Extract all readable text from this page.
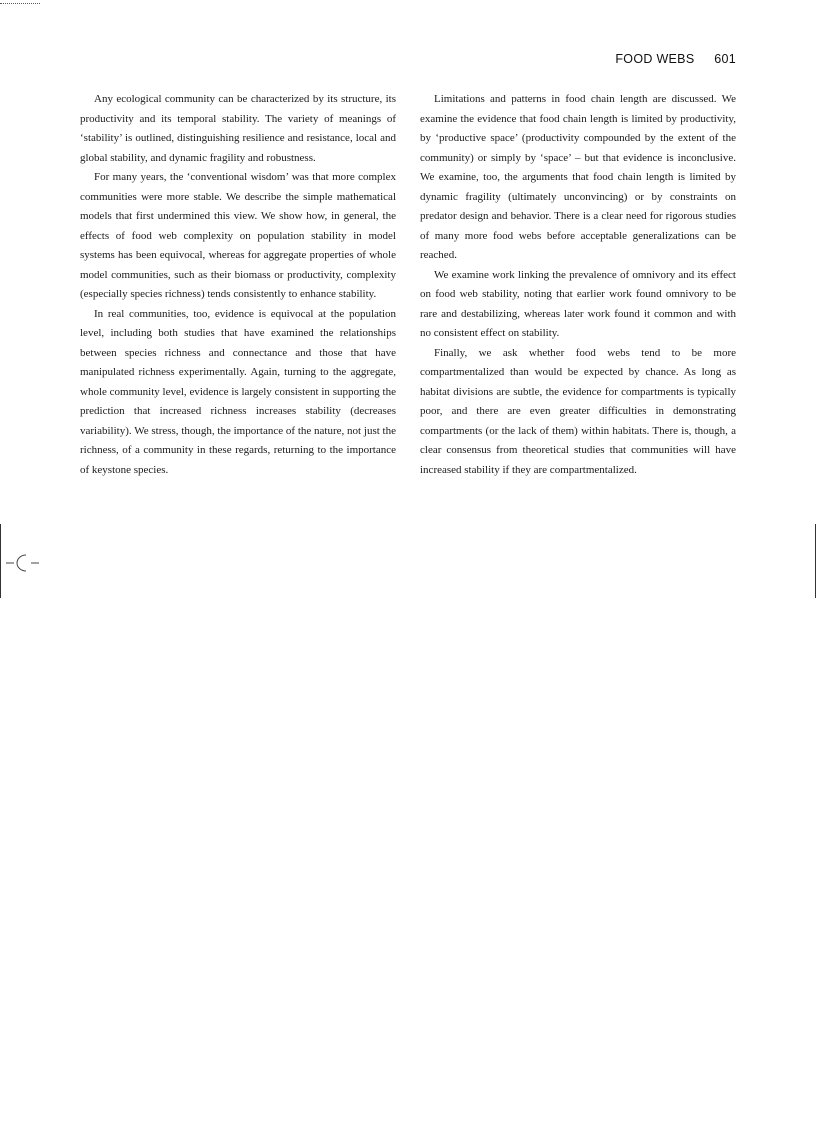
FOOD WEBS 601

Any ecological community can be characterized by its structure, its productivity and its temporal stability. The variety of meanings of ‘stability’ is outlined, distinguishing resilience and resistance, local and global stability, and dynamic fragility and robustness.

For many years, the ‘conventional wisdom’ was that more complex communities were more stable. We describe the simple mathematical models that first undermined this view. We show how, in general, the effects of food web complexity on population stability in model systems has been equivocal, whereas for aggregate properties of whole model communities, such as their biomass or productivity, complexity (especially species richness) tends consistently to enhance stability.

In real communities, too, evidence is equivocal at the population level, including both studies that have examined the relationships between species richness and connectance and those that have manipulated richness experimentally. Again, turning to the aggregate, whole community level, evidence is largely consistent in supporting the prediction that increased richness increases stability (decreases variability). We stress, though, the importance of the nature, not just the richness, of a community in these regards, returning to the importance of keystone species.

Limitations and patterns in food chain length are discussed. We examine the evidence that food chain length is limited by productivity, by ‘productive space’ (productivity compounded by the extent of the community) or simply by ‘space’ – but that evidence is inconclusive. We examine, too, the arguments that food chain length is limited by dynamic fragility (ultimately unconvincing) or by constraints on predator design and behavior. There is a clear need for rigorous studies of many more food webs before acceptable generalizations can be reached.

We examine work linking the prevalence of omnivory and its effect on food web stability, noting that earlier work found omnivory to be rare and destabilizing, whereas later work found it common and with no consistent effect on stability.

Finally, we ask whether food webs tend to be more compartmentalized than would be expected by chance. As long as habitat divisions are subtle, the evidence for compartments is typically poor, and there are even greater difficulties in demonstrating compartments (or the lack of them) within habitats. There is, though, a clear consensus from theoretical studies that communities will have increased stability if they are compartmentalized.
